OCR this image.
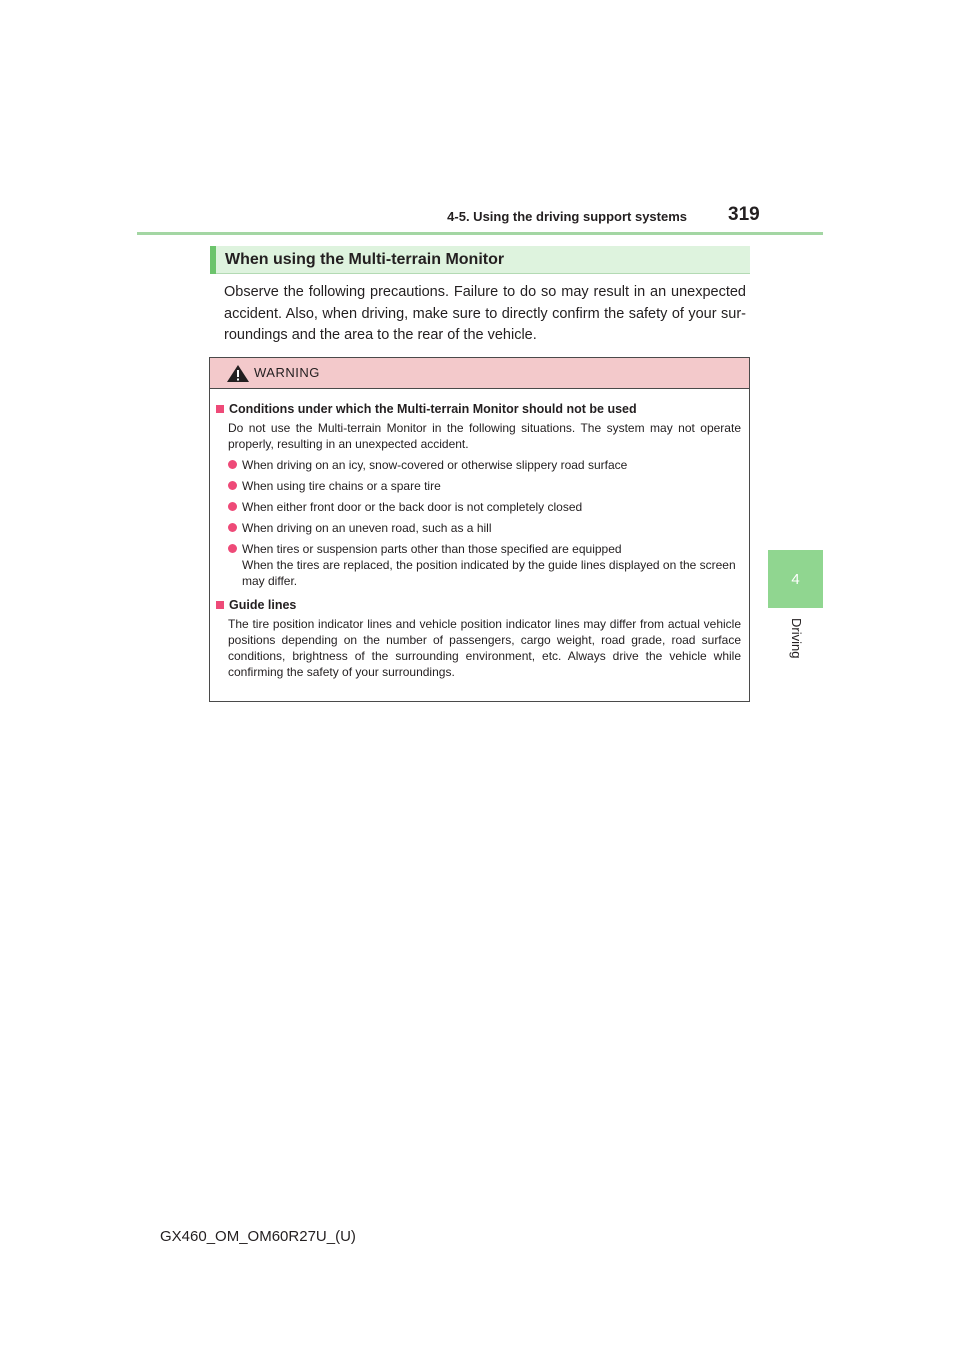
4-5. Using the driving support systems 319
4
Driving
When using the Multi-terrain Monitor

Observe the following precautions. Failure to do so may result in an unexpected accident. Also, when driving, make sure to directly confirm the safety of your sur-roundings and the area to the rear of the vehicle.

WARNING
Conditions under which the Multi-terrain Monitor should not be used
Do not use the Multi-terrain Monitor in the following situations. The system may not operate properly, resulting in an unexpected accident.
When driving on an icy, snow-covered or otherwise slippery road surface
When using tire chains or a spare tire
When either front door or the back door is not completely closed
When driving on an uneven road, such as a hill
When tires or suspension parts other than those specified are equipped
When the tires are replaced, the position indicated by the guide lines displayed on the screen may differ.
Guide lines
The tire position indicator lines and vehicle position indicator lines may differ from actual vehicle positions depending on the number of passengers, cargo weight, road grade, road surface conditions, brightness of the surrounding environment, etc. Always drive the vehicle while confirming the safety of your surroundings.
GX460_OM_OM60R27U_(U)
